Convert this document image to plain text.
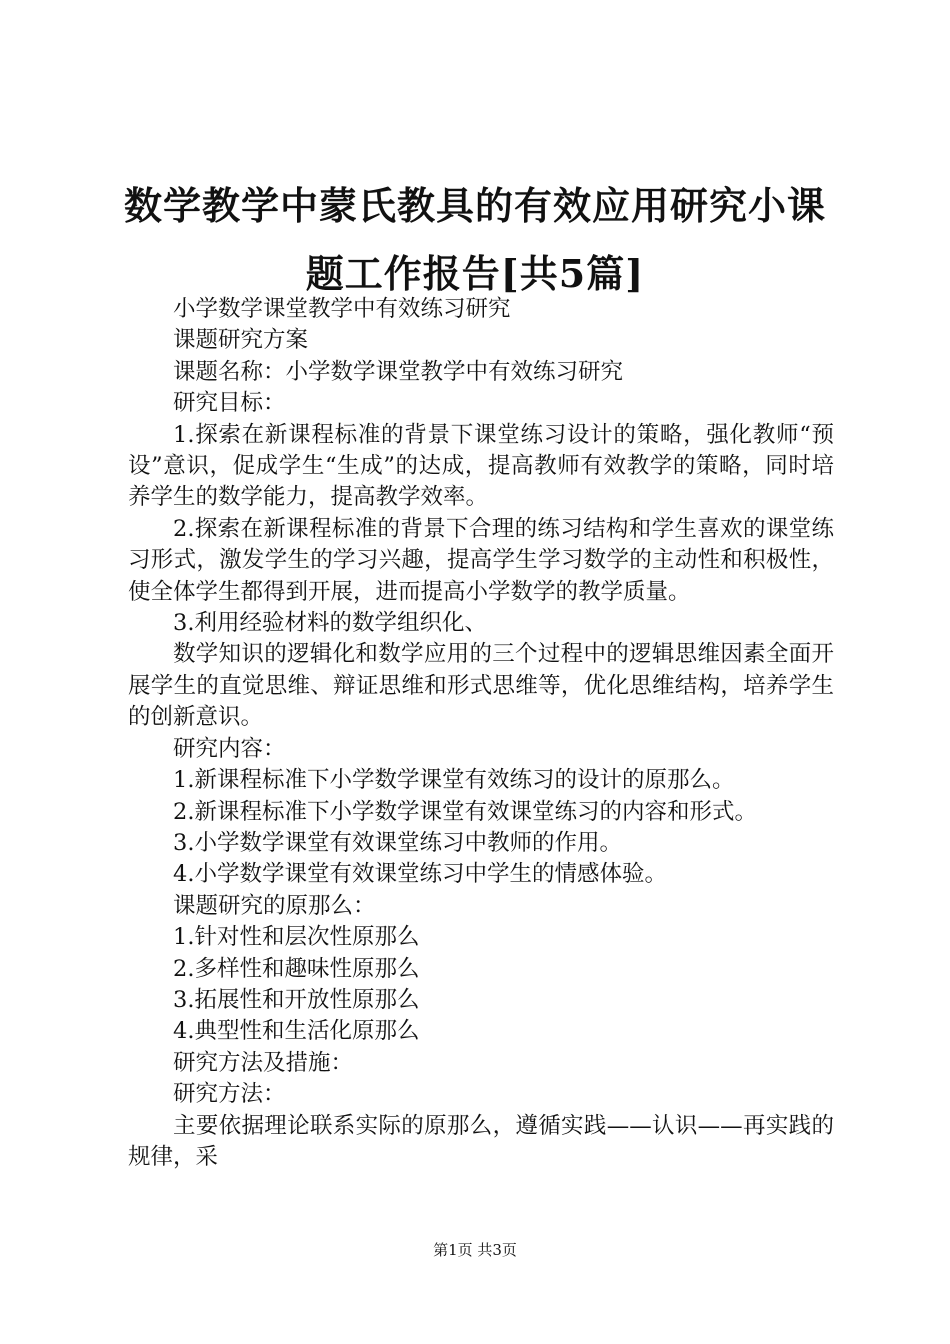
数学教学中蒙氏教具的有效应用研究小课题工作报告[共5篇]

小学数学课堂教学中有效练习研究

课题研究方案

课题名称：小学数学课堂教学中有效练习研究

研究目标：

1.探索在新课程标准的背景下课堂练习设计的策略，强化教师“预设”意识，促成学生“生成”的达成，提高教师有效教学的策略，同时培养学生的数学能力，提高教学效率。

2.探索在新课程标准的背景下合理的练习结构和学生喜欢的课堂练习形式，激发学生的学习兴趣，提高学生学习数学的主动性和积极性，使全体学生都得到开展，进而提高小学数学的教学质量。

3.利用经验材料的数学组织化、

数学知识的逻辑化和数学应用的三个过程中的逻辑思维因素全面开展学生的直觉思维、辩证思维和形式思维等，优化思维结构，培养学生的创新意识。

研究内容：

1.新课程标准下小学数学课堂有效练习的设计的原那么。

2.新课程标准下小学数学课堂有效课堂练习的内容和形式。

3.小学数学课堂有效课堂练习中教师的作用。

4.小学数学课堂有效课堂练习中学生的情感体验。

课题研究的原那么：

1.针对性和层次性原那么

2.多样性和趣味性原那么

3.拓展性和开放性原那么

4.典型性和生活化原那么

研究方法及措施：

研究方法：

主要依据理论联系实际的原那么，遵循实践——认识——再实践的规律，采

第1页 共3页
